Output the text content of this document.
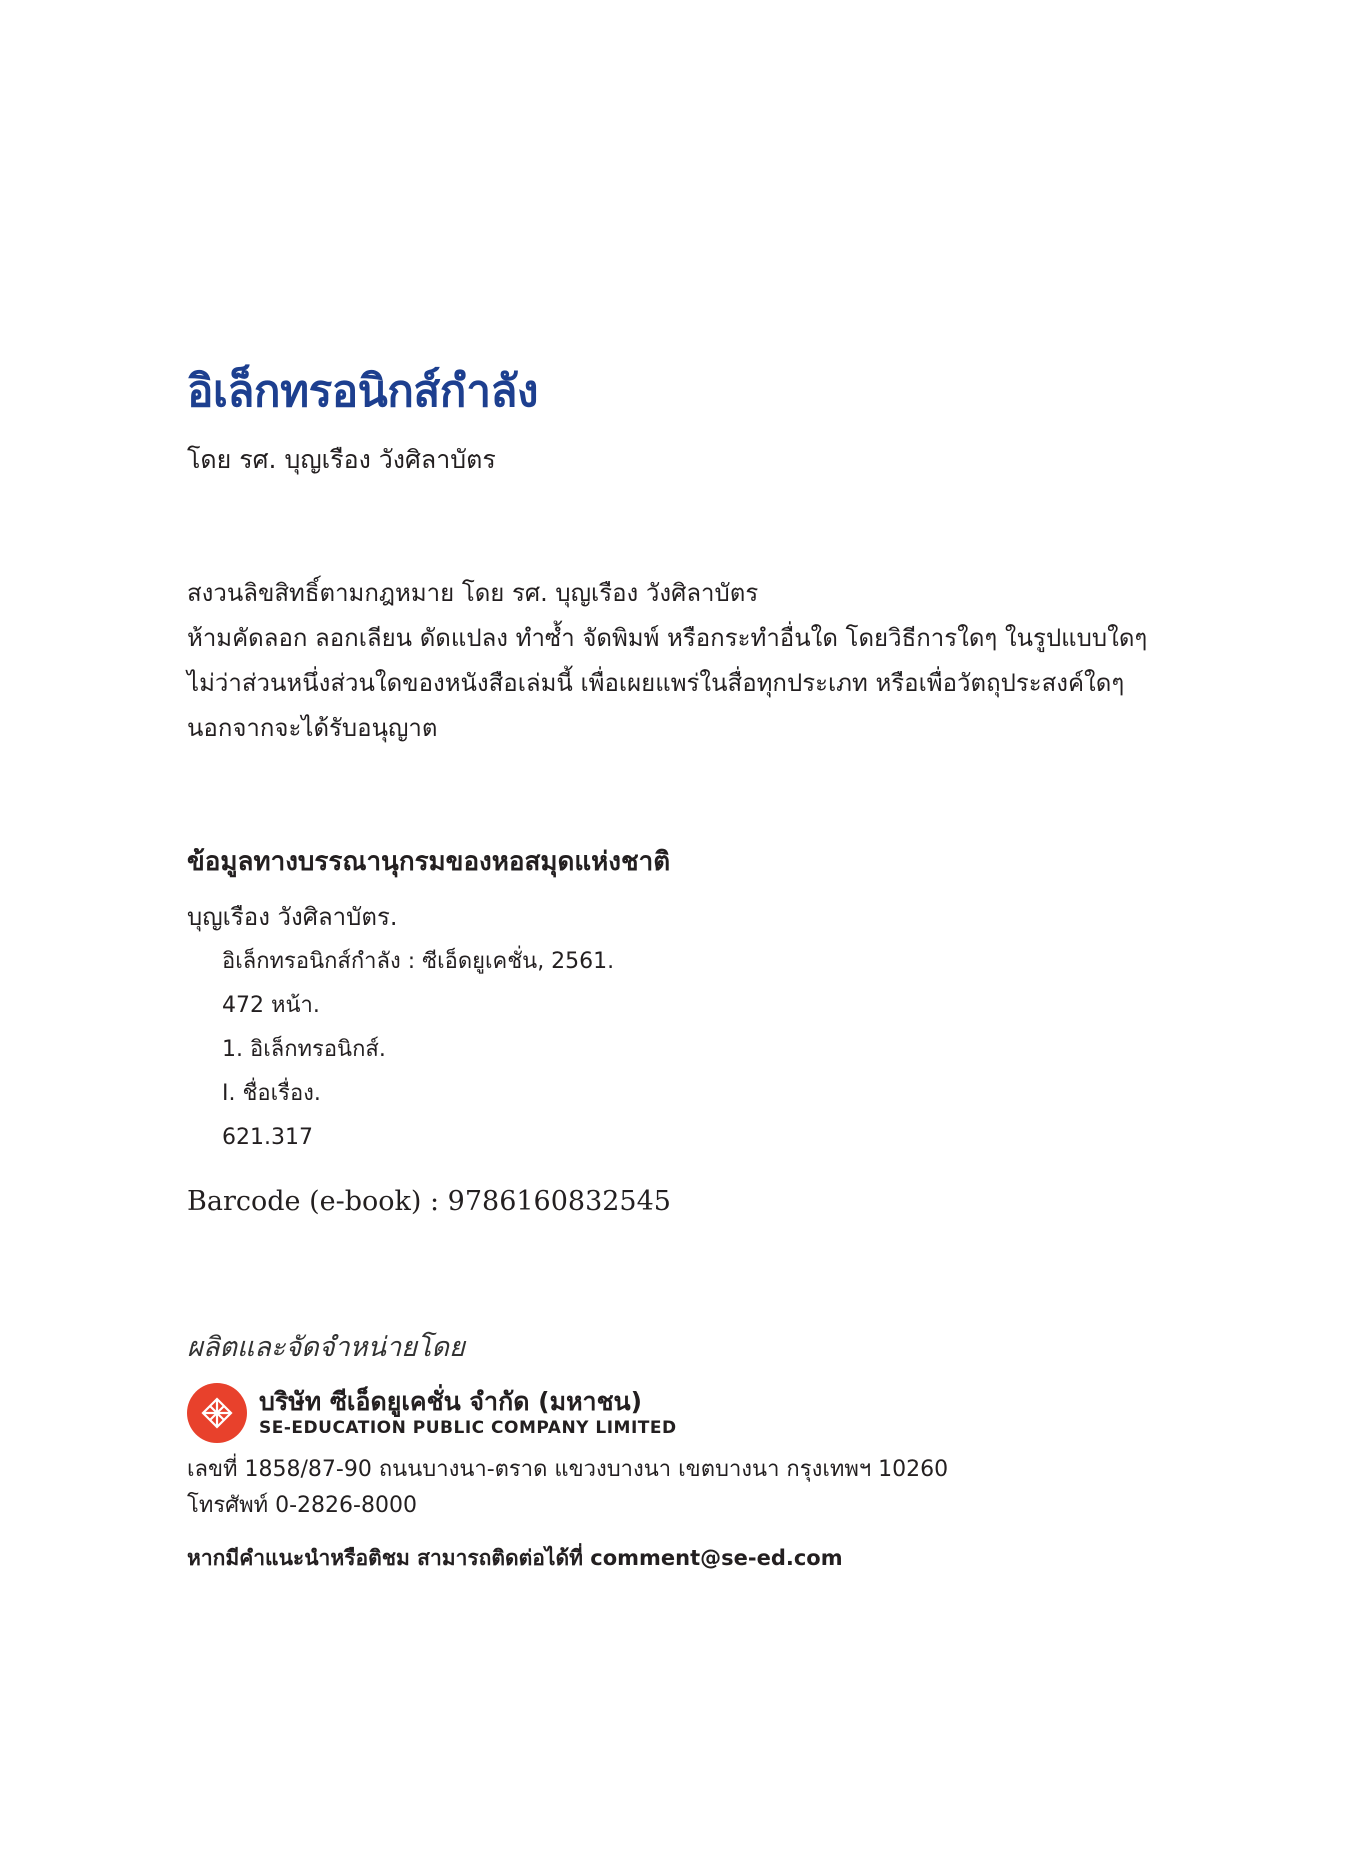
อิเล็กทรอนิกส์กำลัง
โดย รศ. บุญเรือง วังศิลาบัตร
สงวนลิขสิทธิ์ตามกฎหมาย โดย รศ. บุญเรือง วังศิลาบัตร
ห้ามคัดลอก ลอกเลียน ดัดแปลง ทำซ้ำ จัดพิมพ์ หรือกระทำอื่นใด โดยวิธีการใดๆ ในรูปแบบใดๆ
ไม่ว่าส่วนหนึ่งส่วนใดของหนังสือเล่มนี้ เพื่อเผยแพร่ในสื่อทุกประเภท หรือเพื่อวัตถุประสงค์ใดๆ
นอกจากจะได้รับอนุญาต
ข้อมูลทางบรรณานุกรมของหอสมุดแห่งชาติ
บุญเรือง วังศิลาบัตร.
อิเล็กทรอนิกส์กำลัง : ซีเอ็ดยูเคชั่น, 2561.
472 หน้า.
1. อิเล็กทรอนิกส์.
I. ชื่อเรื่อง.
621.317
Barcode (e-book) : 9786160832545
ผลิตและจัดจำหน่ายโดย
บริษัท ซีเอ็ดยูเคชั่น จำกัด (มหาชน)
SE-EDUCATION PUBLIC COMPANY LIMITED
เลขที่ 1858/87-90 ถนนบางนา-ตราด แขวงบางนา เขตบางนา กรุงเทพฯ 10260
โทรศัพท์ 0-2826-8000
หากมีคำแนะนำหรือติชม สามารถติดต่อได้ที่ comment@se-ed.com
